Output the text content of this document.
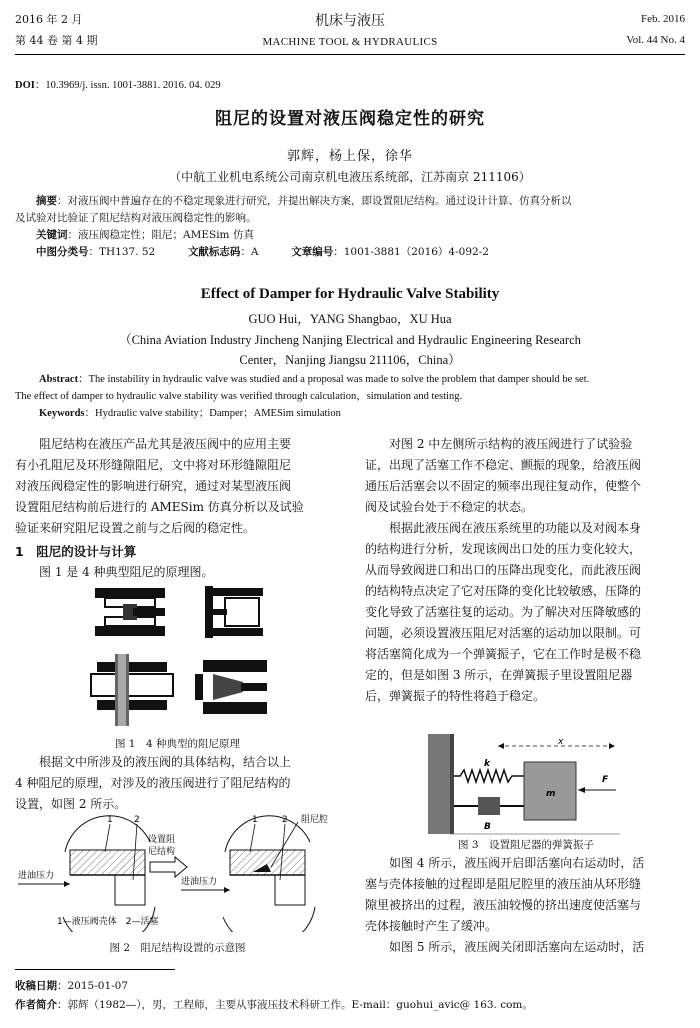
2016 年 2 月
第 44 卷 第 4 期
机床与液压
MACHINE TOOL & HYDRAULICS
Feb. 2016
Vol. 44 No. 4
DOI：10.3969/j. issn. 1001-3881. 2016. 04. 029
阻尼的设置对液压阀稳定性的研究
郭辉，杨上保，徐华
（中航工业机电系统公司南京机电液压系统部，江苏南京 211106）
摘要：对液压阀中普遍存在的不稳定现象进行研究，并提出解决方案，即设置阻尼结构。通过设计计算、仿真分析以
及试验对比验证了阻尼结构对液压阀稳定性的影响。
关键词：液压阀稳定性；阻尼；AMESim 仿真
中图分类号：TH137. 52	文献标志码：A	文章编号：1001-3881（2016）4-092-2
Effect of Damper for Hydraulic Valve Stability
GUO Hui，YANG Shangbao，XU Hua
（China Aviation Industry Jincheng Nanjing Electrical and Hydraulic Engineering Research
Center，Nanjing Jiangsu 211106，China）
Abstract：The instability in hydraulic valve was studied and a proposal was made to solve the problem that damper should be set.
The effect of damper to hydraulic valve stability was verified through calculation，simulation and testing.
Keywords：Hydraulic valve stability；Damper；AMESim simulation
阻尼结构在液压产品尤其是液压阀中的应用主要
有小孔阻尼及环形缝隙阻尼，文中将对环形缝隙阻尼
对液压阀稳定性的影响进行研究，通过对某型液压阀
设置阻尼结构前后进行的 AMESim 仿真分析以及试验
验证来研究阻尼设置之前与之后阀的稳定性。
1　阻尼的设计与计算
图 1 是 4 种典型阻尼的原理图。
图 1　4 种典型的阻尼原理
根据文中所涉及的液压阀的具体结构，结合以上
4 种阻尼的原理，对涉及的液压阀进行了阻尼结构的
设置，如图 2 所示。
1 2
进油压力
设置阻
尼结构
1	2 阻尼腔
进油压力
1—液压阀壳体　2—活塞
图 2　阻尼结构设置的示意图
对图 2 中左侧所示结构的液压阀进行了试验验
证，出现了活塞工作不稳定、颤振的现象，给液压阀
通压后活塞会以不固定的频率出现往复动作，使整个
阀及试验台处于不稳定的状态。
根据此液压阀在液压系统里的功能以及对阀本身
的结构进行分析，发现该阀出口处的压力变化较大，
从而导致阀进口和出口的压降出现变化，而此液压阀
的结构特点决定了它对压降的变化比较敏感，压降的
变化导致了活塞往复的运动。为了解决对压降敏感的
问题，必须设置液压阻尼对活塞的运动加以限制。可
将活塞简化成为一个弹簧振子，它在工作时是极不稳
定的，但是如图 3 所示，在弹簧振子里设置阻尼器
后，弹簧振子的特性将趋于稳定。
x
k
B
m
F
图 3　设置阻尼器的弹簧振子
如图 4 所示，液压阀开启即活塞向右运动时，活
塞与壳体接触的过程即是阻尼腔里的液压油从环形缝
隙里被挤出的过程，液压油较慢的挤出速度使活塞与
壳体接触时产生了缓冲。
如图 5 所示，液压阀关闭即活塞向左运动时，活
收稿日期：2015-01-07
作者简介：郭辉（1982—），男，工程师，主要从事液压技术科研工作。E-mail：guohui_avic@ 163. com。
